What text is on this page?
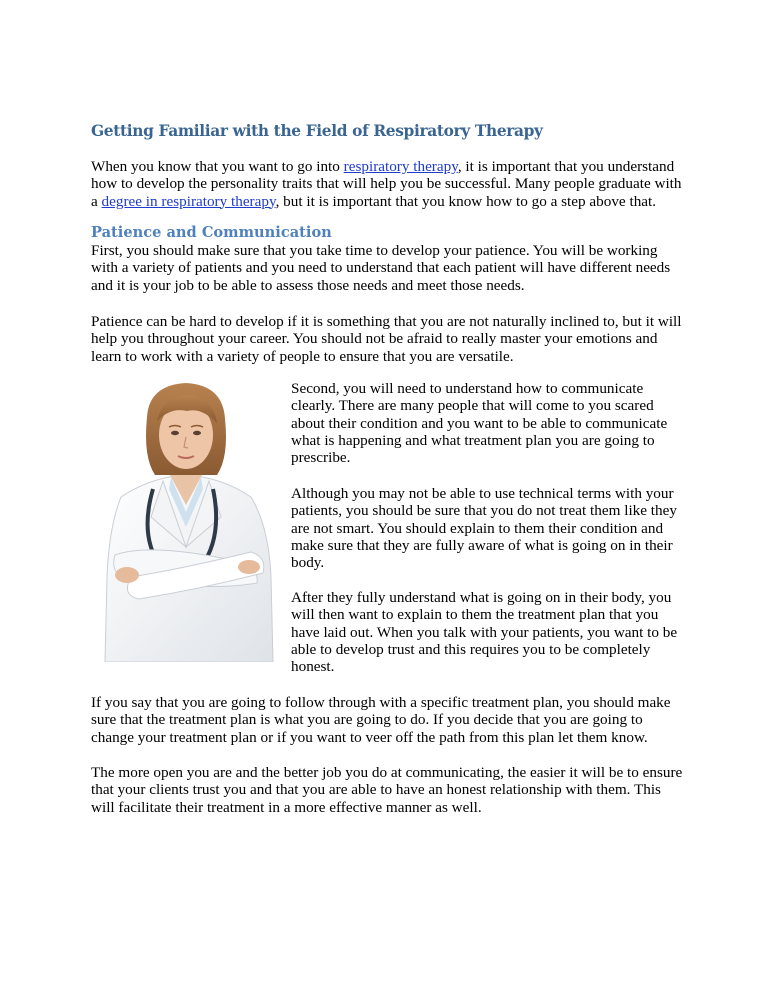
Getting Familiar with the Field of Respiratory Therapy

When you know that you want to go into respiratory therapy, it is important that you understand
how to develop the personality traits that will help you be successful. Many people graduate with
a degree in respiratory therapy, but it is important that you know how to go a step above that.

Patience and Communication

First, you should make sure that you take time to develop your patience. You will be working
with a variety of patients and you need to understand that each patient will have different needs
and it is your job to be able to assess those needs and meet those needs.

Patience can be hard to develop if it is something that you are not naturally inclined to, but it will
help you throughout your career. You should not be afraid to really master your emotions and
learn to work with a variety of people to ensure that you are versatile.

Second, you will need to understand how to communicate
clearly. There are many people that will come to you scared
about their condition and you want to be able to communicate
what is happening and what treatment plan you are going to
prescribe.

Although you may not be able to use technical terms with your
patients, you should be sure that you do not treat them like they
are not smart. You should explain to them their condition and
make sure that they are fully aware of what is going on in their
body.

After they fully understand what is going on in their body, you
will then want to explain to them the treatment plan that you
have laid out. When you talk with your patients, you want to be
able to develop trust and this requires you to be completely
honest.

If you say that you are going to follow through with a specific treatment plan, you should make
sure that the treatment plan is what you are going to do. If you decide that you are going to
change your treatment plan or if you want to veer off the path from this plan let them know.

The more open you are and the better job you do at communicating, the easier it will be to ensure
that your clients trust you and that you are able to have an honest relationship with them. This
will facilitate their treatment in a more effective manner as well.
